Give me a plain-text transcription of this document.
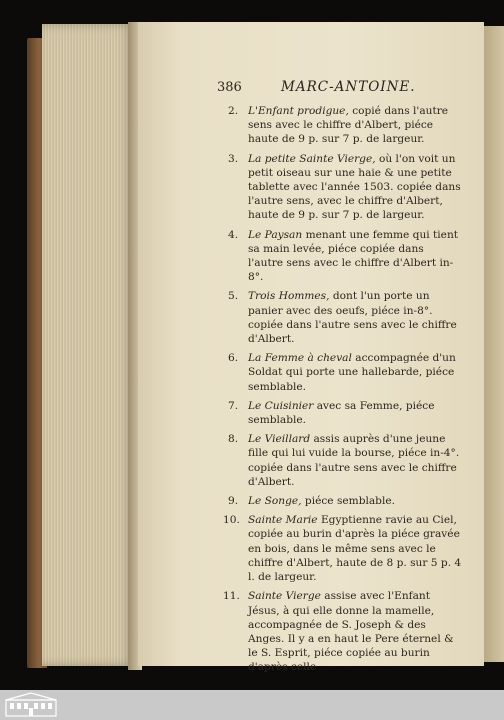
386	MARC-ANTOINE.
2. L'Enfant prodigue, copié dans l'autre sens avec le chiffre d'Albert, piéce haute de 9 p. sur 7 p. de largeur.
3. La petite Sainte Vierge, où l'on voit un petit oiseau sur une haie & une petite tablette avec l'année 1503. copiée dans l'autre sens, avec le chiffre d'Albert, haute de 9 p. sur 7 p. de largeur.
4. Le Paysan menant une femme qui tient sa main levée, piéce copiée dans l'autre sens avec le chiffre d'Albert in-8°.
5. Trois Hommes, dont l'un porte un panier avec des oeufs, piéce in-8°. copiée dans l'autre sens avec le chiffre d'Albert.
6. La Femme à cheval accompagnée d'un Soldat qui porte une hallebarde, piéce semblable.
7. Le Cuisinier avec sa Femme, piéce semblable.
8. Le Vieillard assis auprès d'une jeune fille qui lui vuide la bourse, piéce in-4°. copiée dans l'autre sens avec le chiffre d'Albert.
9. Le Songe, piéce semblable.
10. Sainte Marie Egyptienne ravie au Ciel, copiée au burin d'après la piéce gravée en bois, dans le même sens avec le chiffre d'Albert, haute de 8 p. sur 5 p. 4 l. de largeur.
11. Sainte Vierge assise avec l'Enfant Jésus, à qui elle donne la mamelle, accompagnée de S. Joseph & des Anges. Il y a en haut le Pere éternel & le S. Esprit, piéce copiée au burin d'après celle
